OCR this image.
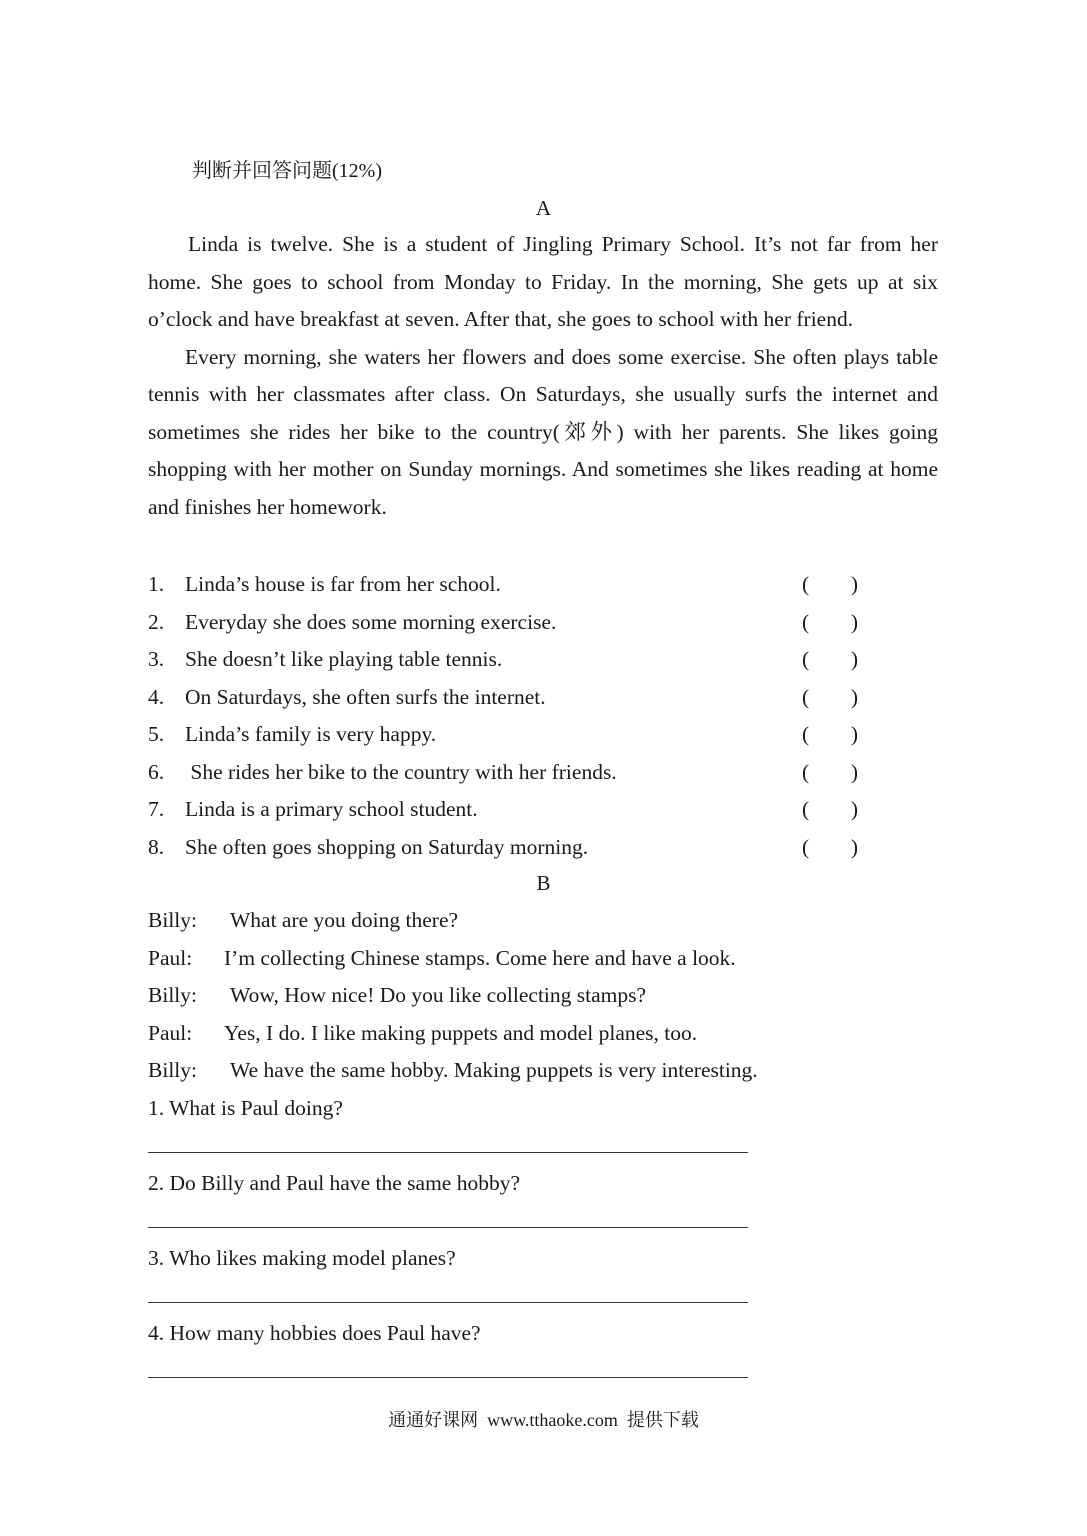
判断并回答问题(12%)
A

Linda is twelve. She is a student of Jingling Primary School. It’s not far from her home. She goes to school from Monday to Friday. In the morning, She gets up at six o’clock and have breakfast at seven. After that, she goes to school with her friend.

Every morning, she waters her flowers and does some exercise. She often plays table tennis with her classmates after class. On Saturdays, she usually surfs the internet and sometimes she rides her bike to the country(郊外) with her parents. She likes going shopping with her mother on Sunday mornings. And sometimes she likes reading at home and finishes her homework.

1. Linda’s house is far from her school.	( )
2. Everyday she does some morning exercise.	( )
3. She doesn’t like playing table tennis.	( )
4. On Saturdays, she often surfs the internet.	( )
5. Linda’s family is very happy.	( )
6. She rides her bike to the country with her friends.	( )
7. Linda is a primary school student.	( )
8. She often goes shopping on Saturday morning.	( )
B
Billy: What are you doing there?
Paul: I’m collecting Chinese stamps. Come here and have a look.
Billy: Wow, How nice! Do you like collecting stamps?
Paul: Yes, I do. I like making puppets and model planes, too.
Billy: We have the same hobby. Making puppets is very interesting.
1. What is Paul doing?
2. Do Billy and Paul have the same hobby?
3. Who likes making model planes?
4. How many hobbies does Paul have?
通通好课网  www.tthaoke.com  提供下载
